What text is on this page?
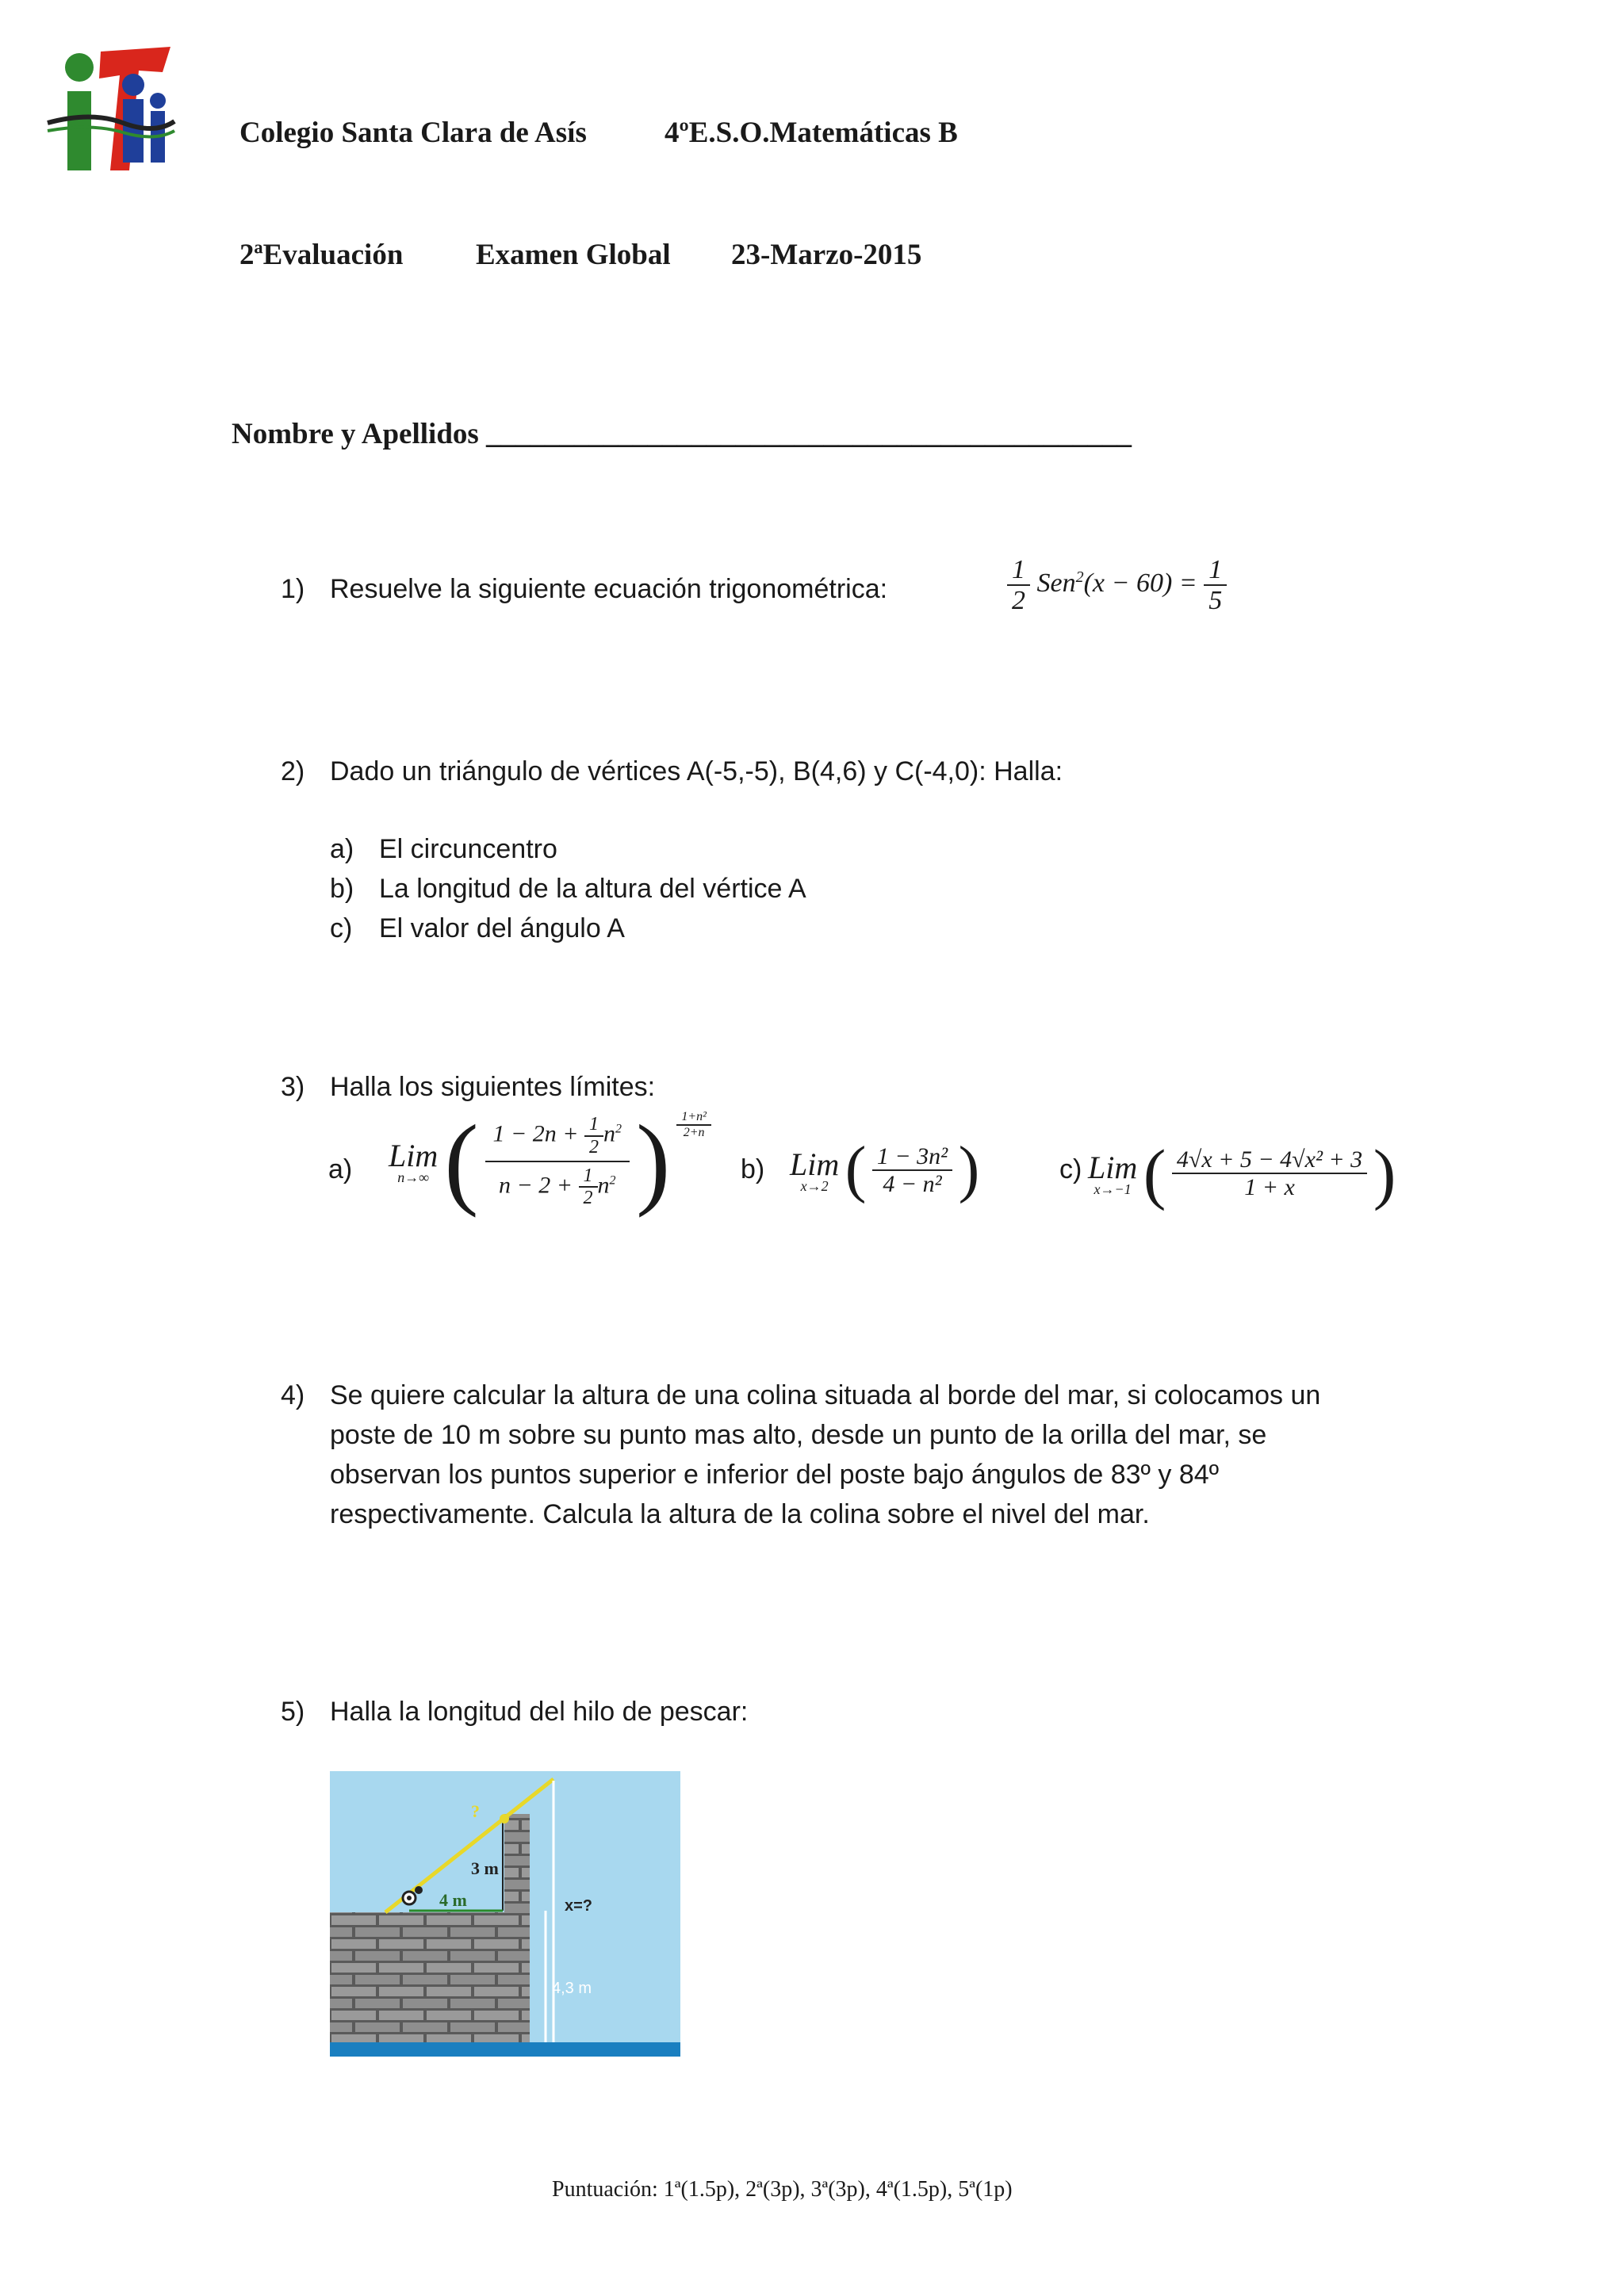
Colegio Santa Clara de Asís	4ºE.S.O.Matemáticas B
2ªEvaluación Examen Global 23-Marzo-2015
Nombre y Apellidos ____________________________________________
1) Resuelve la siguiente ecuación trigonométrica:	$\frac{1}{2} Sen^2(x - 60) = \frac{1}{5}$
2) Dado un triángulo de vértices A(-5,-5), B(4,6) y C(-4,0): Halla:
a) El circuncentro
b) La longitud de la altura del vértice A
c) El valor del ángulo A
3) Halla los siguientes límites:
a) Lim
n→∞ ( $\frac{1 - 2n + \frac{1}{2} n^2}{n - 2 + \frac{1}{2} n^2}$ ) $\frac{\text{1+n²}}{2+n}$
b) Lim
x→2 ( $\frac{\text{1 − 3n²}}{\text{4 − n²}}$ )	c) Lim
x→−1 ( $\frac{\text{4√x + 5 − 4√x² + 3}}{1 + x}$ )
4) Se quiere calcular la altura de una colina situada al borde del mar, si colocamos un
poste de 10 m sobre su punto mas alto, desde un punto de la orilla del mar, se
observan los puntos superior e inferior del poste bajo ángulos de 83º y 84º
respectivamente. Calcula la altura de la colina sobre el nivel del mar.
5) Halla la longitud del hilo de pescar:
?
3 m
4 m	x=?
4,3 m
Puntuación: 1ª(1.5p), 2ª(3p), 3ª(3p), 4ª(1.5p), 5ª(1p)
